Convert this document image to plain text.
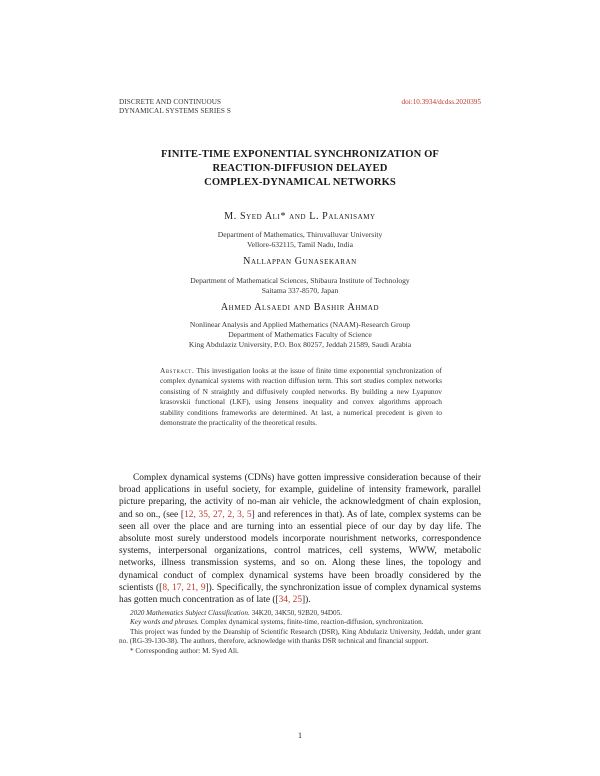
DISCRETE AND CONTINUOUS
DYNAMICAL SYSTEMS SERIES S
doi:10.3934/dcdss.2020395
FINITE-TIME EXPONENTIAL SYNCHRONIZATION OF
REACTION-DIFFUSION DELAYED
COMPLEX-DYNAMICAL NETWORKS
M. Syed Ali* and L. Palanisamy
Department of Mathematics, Thiruvalluvar University
Vellore-632115, Tamil Nadu, India
Nallappan Gunasekaran
Department of Mathematical Sciences, Shibaura Institute of Technology
Saitama 337-8570, Japan
Ahmed Alsaedi and Bashir Ahmad
Nonlinear Analysis and Applied Mathematics (NAAM)-Research Group
Department of Mathematics Faculty of Science
King Abdulaziz University, P.O. Box 80257, Jeddah 21589, Saudi Arabia
Abstract. This investigation looks at the issue of finite time exponential synchronization of complex dynamical systems with reaction diffusion term. This sort studies complex networks consisting of N straightly and diffusively coupled networks. By building a new Lyapunov krasovskii functional (LKF), using Jensens inequality and convex algorithms approach stability conditions frameworks are determined. At last, a numerical precedent is given to demonstrate the practicality of the theoretical results.
Complex dynamical systems (CDNs) have gotten impressive consideration because of their broad applications in useful society, for example, guideline of intensity framework, parallel picture preparing, the activity of no-man air vehicle, the acknowledgment of chain explosion, and so on., (see [12, 35, 27, 2, 3, 5] and references in that). As of late, complex systems can be seen all over the place and are turning into an essential piece of our day by day life. The absolute most surely understood models incorporate nourishment networks, correspondence systems, interpersonal organizations, control matrices, cell systems, WWW, metabolic networks, illness transmission systems, and so on. Along these lines, the topology and dynamical conduct of complex dynamical systems have been broadly considered by the scientists ([8, 17, 21, 9]). Specifically, the synchronization issue of complex dynamical systems has gotten much concentration as of late ([34, 25]).

2020 Mathematics Subject Classification. 34K20, 34K50, 92B20, 94D05.

Key words and phrases. Complex dynamical systems, finite-time, reaction-diffusion, synchronization.

This project was funded by the Deanship of Scientific Research (DSR), King Abdulaziz University, Jeddah, under grant no. (RG-39-130-38). The authors, therefore, acknowledge with thanks DSR technical and financial support.

* Corresponding author: M. Syed Ali.

1
